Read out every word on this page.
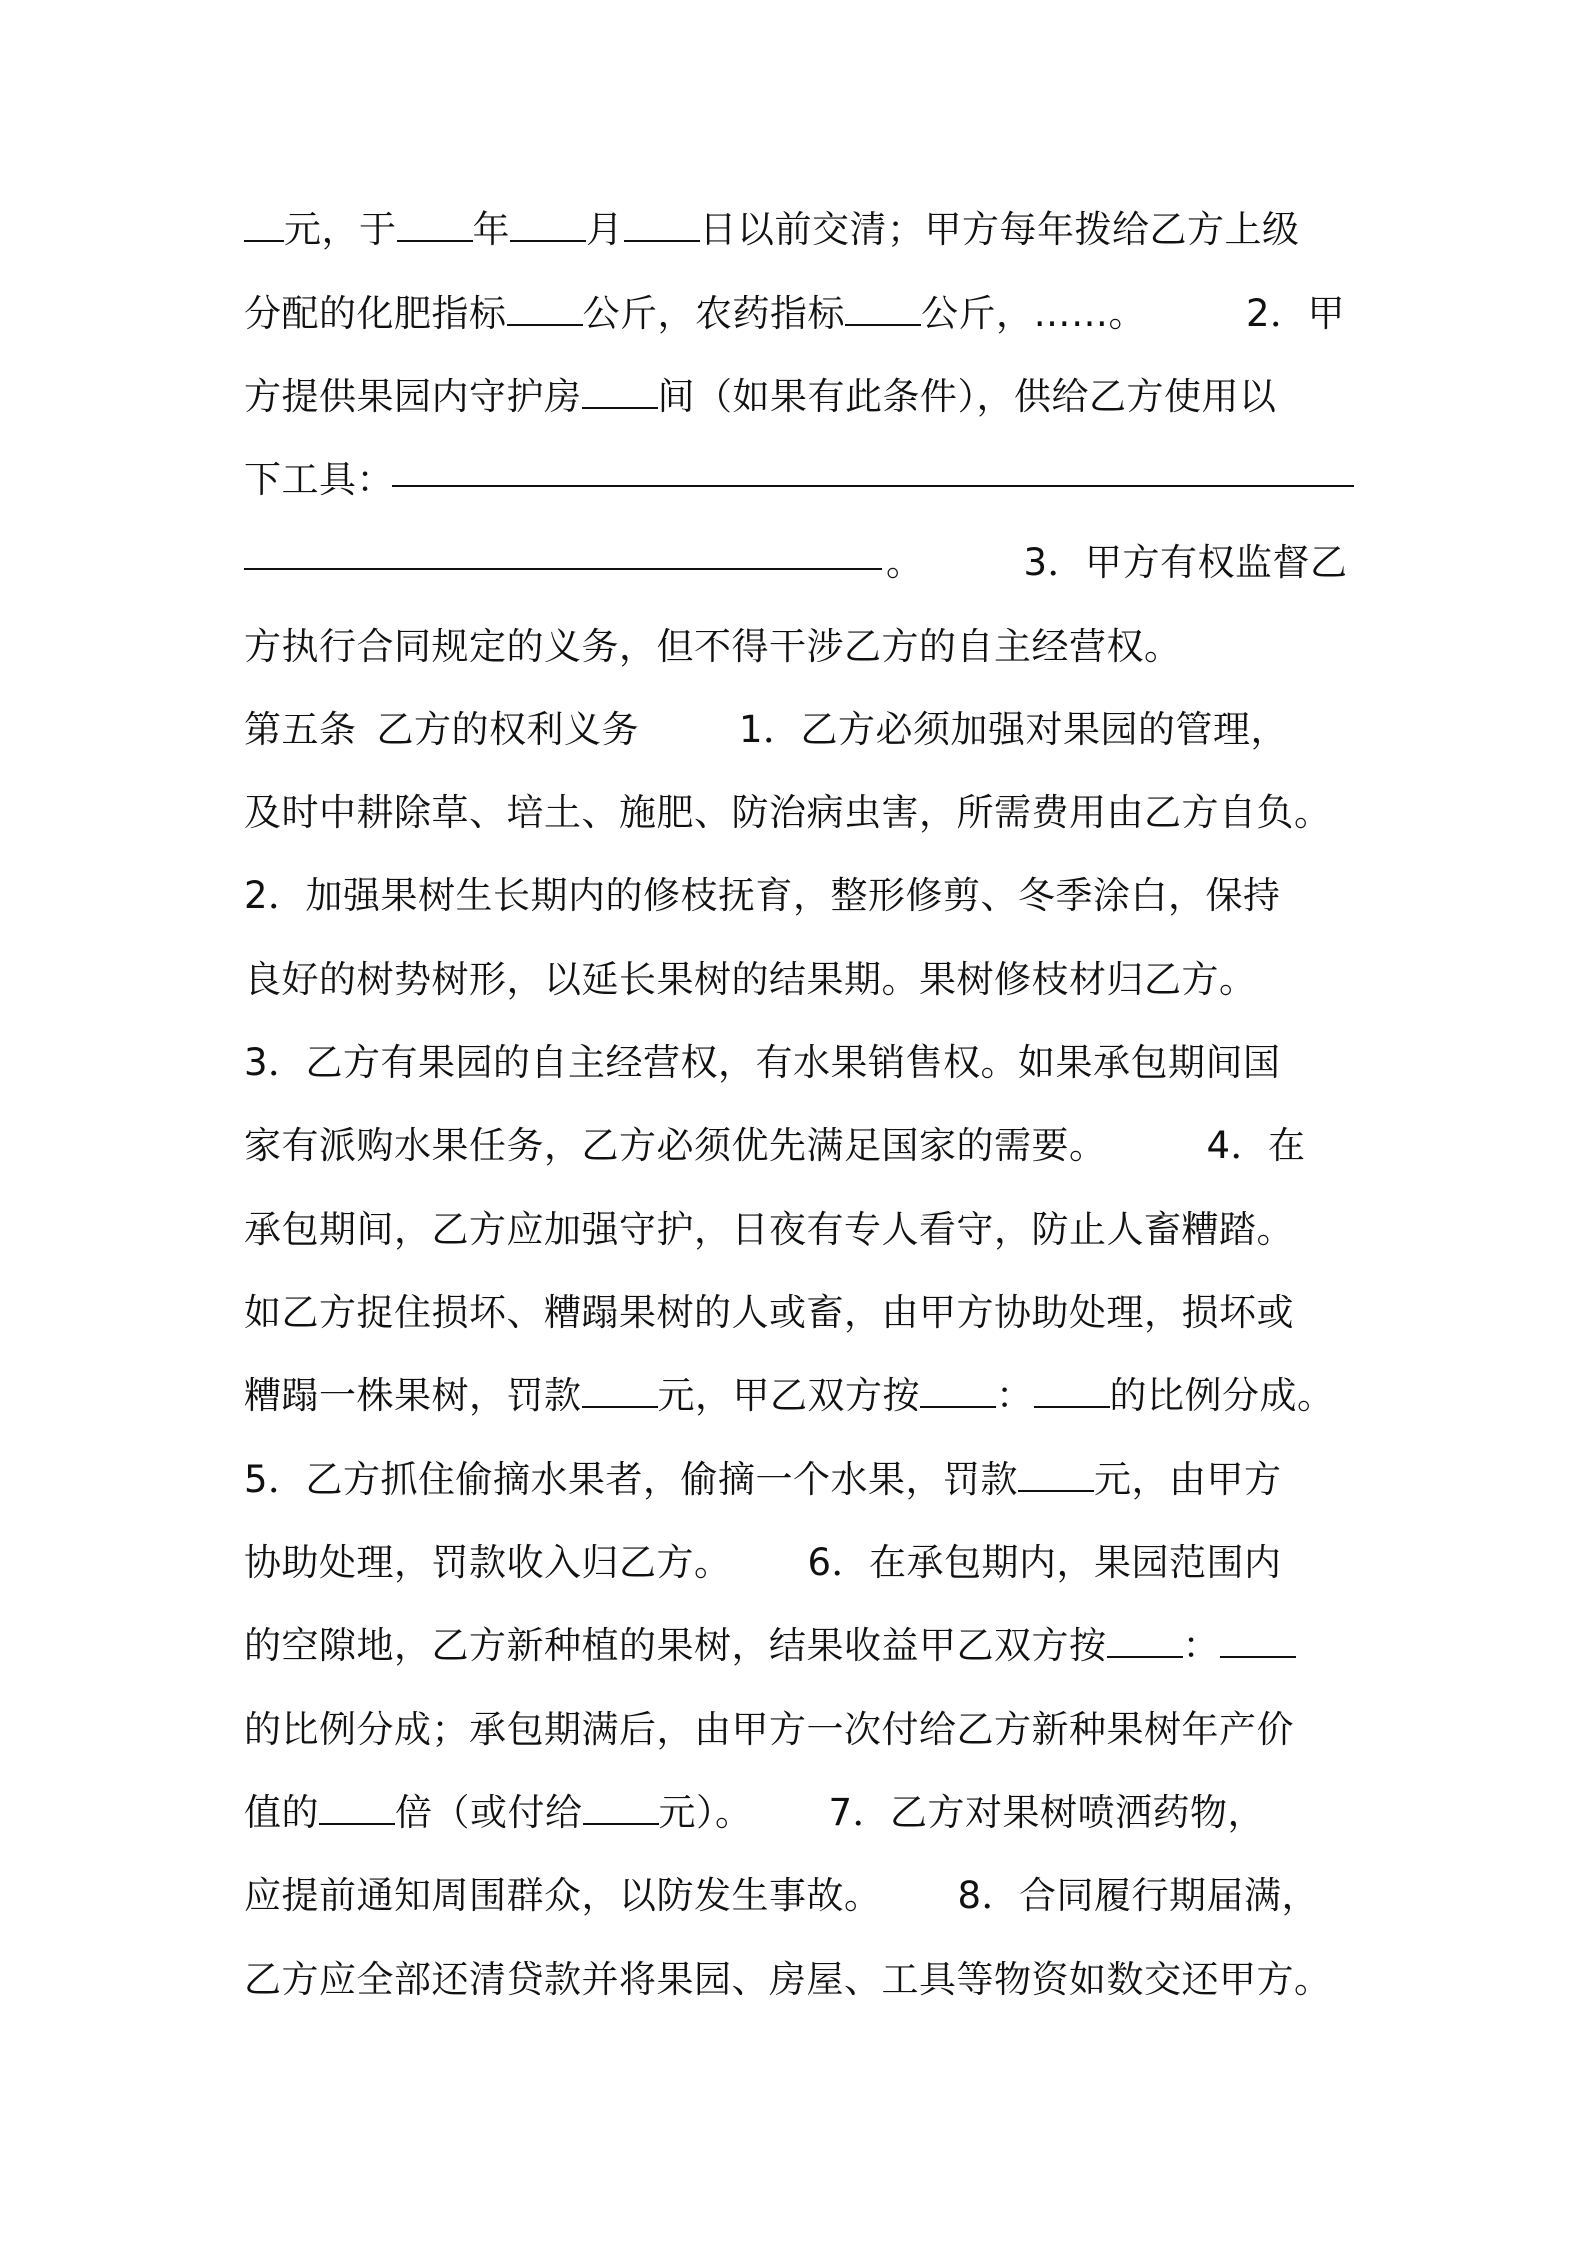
元，于 年 月 日以前交清；甲方每年拨给乙方上级
分配的化肥指标 公斤，农药指标 公斤，……。	2．甲
方提供果园内守护房 间（如果有此条件），供给乙方使用以
下工具：
。	3．甲方有权监督乙
方执行合同规定的义务，但不得干涉乙方的自主经营权。
第五条 乙方的权利义务	1．乙方必须加强对果园的管理，
及时中耕除草、培土、施肥、防治病虫害，所需费用由乙方自负。
2．加强果树生长期内的修枝抚育，整形修剪、冬季涂白，保持
良好的树势树形，以延长果树的结果期。果树修枝材归乙方。
3．乙方有果园的自主经营权，有水果销售权。如果承包期间国
家有派购水果任务，乙方必须优先满足国家的需要。	4．在
承包期间，乙方应加强守护，日夜有专人看守，防止人畜糟踏。
如乙方捉住损坏、糟蹋果树的人或畜，由甲方协助处理，损坏或
糟蹋一株果树，罚款 元，甲乙双方按 ： 的比例分成。
5．乙方抓住偷摘水果者，偷摘一个水果，罚款 元，由甲方
协助处理，罚款收入归乙方。 6．在承包期内，果园范围内
的空隙地，乙方新种植的果树，结果收益甲乙双方按 ：
的比例分成；承包期满后，由甲方一次付给乙方新种果树年产价
值的 倍（或付给 元）。 7．乙方对果树喷洒药物，
应提前通知周围群众，以防发生事故。 8．合同履行期届满，
乙方应全部还清贷款并将果园、房屋、工具等物资如数交还甲方。
